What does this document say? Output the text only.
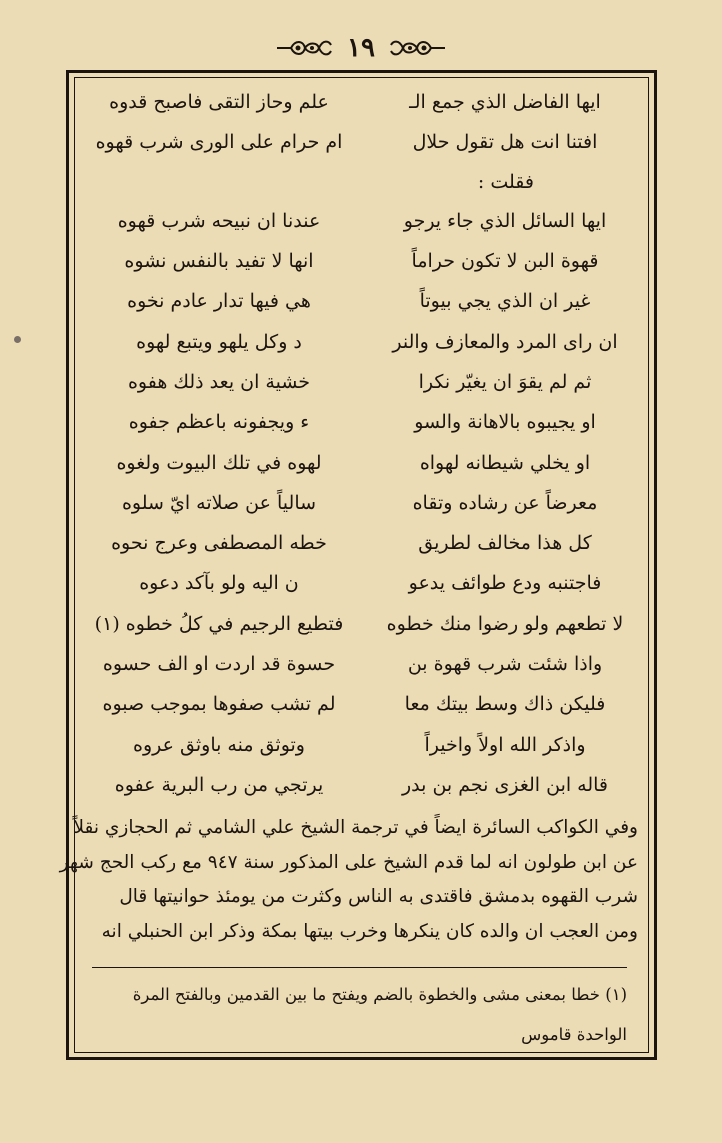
١٩
ايها الفاضل الذي جمع الـ
علم وحاز التقى فاصبح قدوه
افتنا انت هل تقول حلال
ام حرام على الورى شرب قهوه
فقلت :
ايها السائل الذي جاء يرجو
عندنا ان نبيحه شرب قهوه
قهوة البن لا تكون حراماً
انها لا تفيد بالنفس نشوه
غير ان الذي يجي بيوتاً
هي فيها تدار عادم نخوه
ان راى المرد والمعازف والنر
د وكل يلهو ويتبع لهوه
ثم لم يقوَ ان يغيّر نكرا
خشية ان يعد ذلك هفوه
او يجيبوه بالاهانة والسو
ء ويجفونه باعظم جفوه
او يخلي شيطانه لهواه
لهوه في تلك البيوت ولغوه
معرضاً عن رشاده وتقاه
سالياً عن صلاته ايّ سلوه
كل هذا مخالف لطريق
خطه المصطفى وعرج نحوه
فاجتنبه ودع طوائف يدعو
ن اليه ولو بآكد دعوه
لا تطعهم ولو رضوا منك خطوه
فتطيع الرجيم في كلُ خطوه (١)
واذا شئت شرب قهوة بن
حسوة قد اردت او الف حسوه
فليكن ذاك وسط بيتك معا
لم تشب صفوها بموجب صبوه
واذكر الله اولاً واخيراً
وتوثق منه باوثق عروه
قاله ابن الغزى نجم بن بدر
يرتجي من رب البرية عفوه
وفي الكواكب السائرة ايضاً في ترجمة الشيخ علي الشامي ثم الحجازي نقلاً
عن ابن طولون انه لما قدم الشيخ على المذكور سنة ٩٤٧ مع ركب الحج شهر
شرب القهوه بدمشق فاقتدى به الناس وكثرت من يومئذ حوانيتها قال
ومن العجب ان والده كان ينكرها وخرب بيتها بمكة وذكر ابن الحنبلي انه
(١) خطا بمعنى مشى والخطوة بالضم ويفتح ما بين القدمين وبالفتح المرة
الواحدة قاموس
